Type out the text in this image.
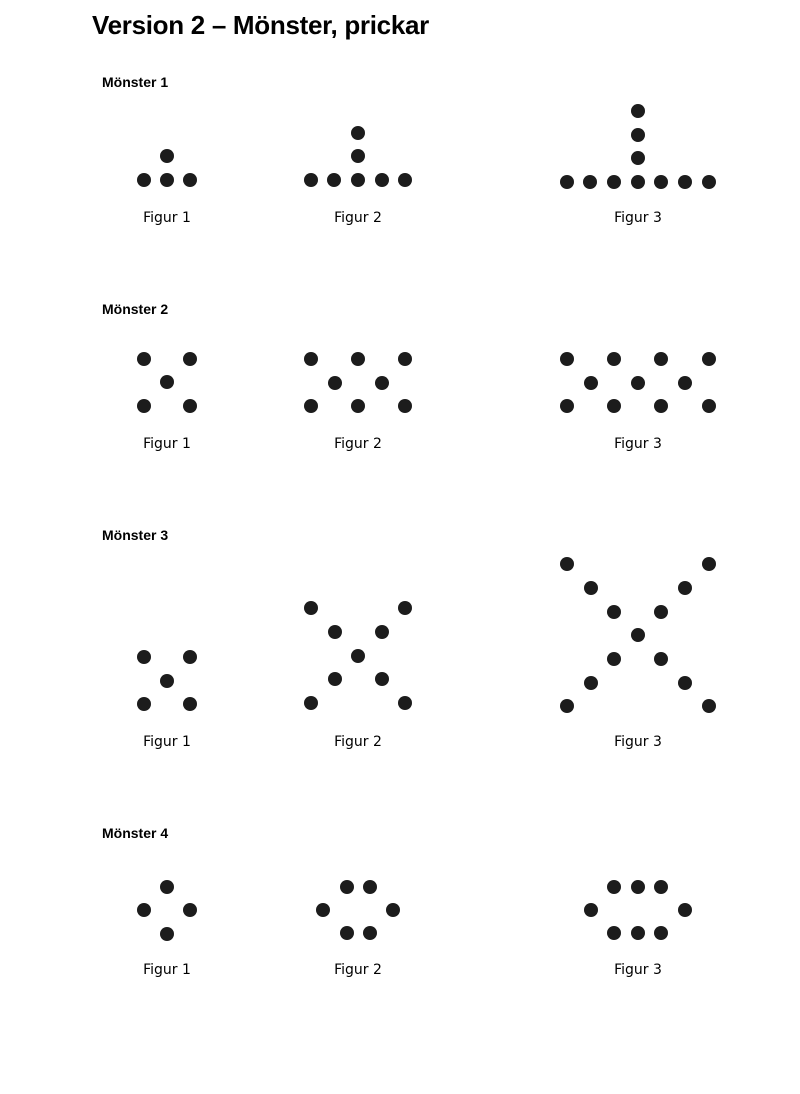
Version 2 – Mönster, prickar
Mönster 1
Figur 1	Figur 2	Figur 3
Mönster 2
Figur 1	Figur 2	Figur 3
Mönster 3
Figur 1	Figur 2	Figur 3
Mönster 4
Figur 1	Figur 2	Figur 3
